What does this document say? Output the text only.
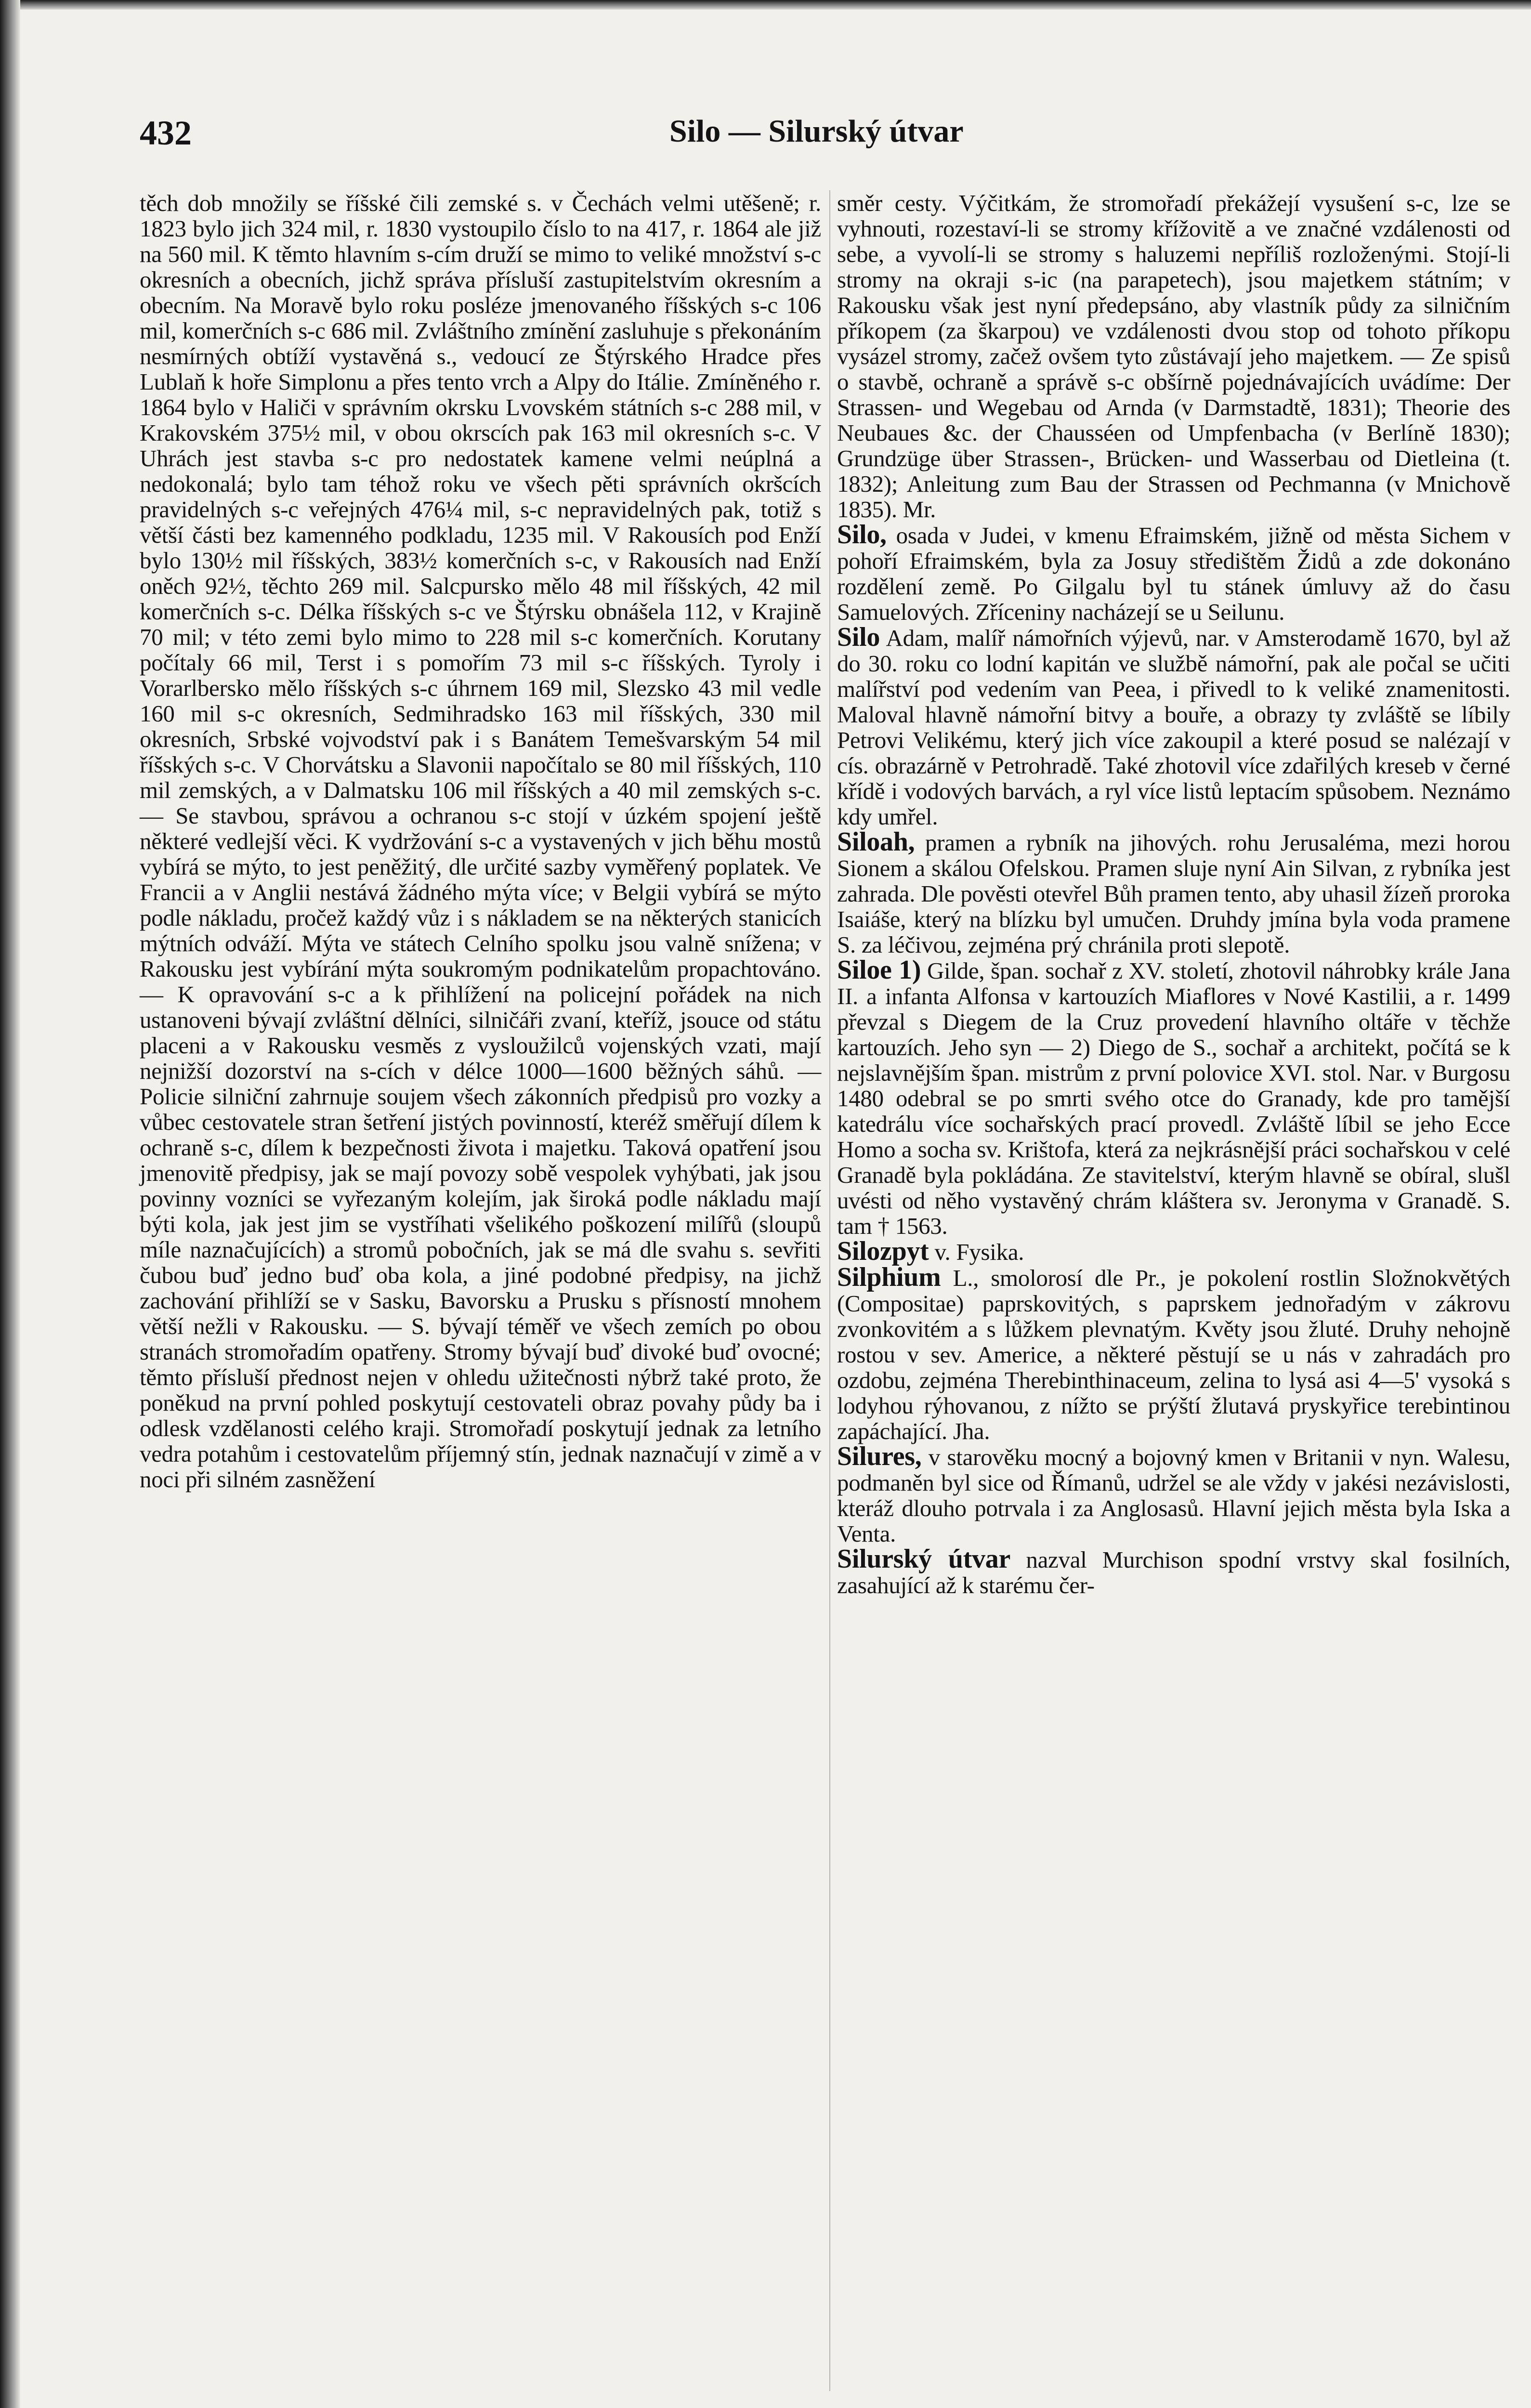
432	Silo — Silurský útvar

těch dob množily se říšské čili zemské s. v Čechách velmi utěšeně; r. 1823 bylo jich 324 mil, r. 1830 vystoupilo číslo to na 417, r. 1864 ale již na 560 mil. K těmto hlavním s-cím druží se mimo to veliké množství s-c okresních a obecních, jichž správa přísluší zastupitelstvím okresním a obecním. Na Moravě bylo roku posléze jmenovaného říšských s-c 106 mil, komerčních s-c 686 mil. Zvláštního zmínění zasluhuje s překonáním nesmírných obtíží vystavěná s., vedoucí ze Štýrského Hradce přes Lublaň k hoře Simplonu a přes tento vrch a Alpy do Itálie. Zmíněného r. 1864 bylo v Haliči v správním okrsku Lvovském státních s-c 288 mil, v Krakovském 375½ mil, v obou okrscích pak 163 mil okresních s-c. V Uhrách jest stavba s-c pro nedostatek kamene velmi neúplná a nedokonalá; bylo tam téhož roku ve všech pěti správních okršcích pravidelných s-c veřejných 476¼ mil, s-c nepravidelných pak, totiž s větší části bez kamenného podkladu, 1235 mil. V Rakousích pod Enží bylo 130½ mil říšských, 383½ komerčních s-c, v Rakousích nad Enží oněch 92½, těchto 269 mil. Salcpursko mělo 48 mil říšských, 42 mil komerčních s-c. Délka říšských s-c ve Štýrsku obnášela 112, v Krajině 70 mil; v této zemi bylo mimo to 228 mil s-c komerčních. Korutany počítaly 66 mil, Terst i s pomořím 73 mil s-c říšských. Tyroly i Vorarlbersko mělo říšských s-c úhrnem 169 mil, Slezsko 43 mil vedle 160 mil s-c okresních, Sedmihradsko 163 mil říšských, 330 mil okresních, Srbské vojvodství pak i s Banátem Temešvarským 54 mil říšských s-c. V Chorvátsku a Slavonii napočítalo se 80 mil říšských, 110 mil zemských, a v Dalmatsku 106 mil říšských a 40 mil zemských s-c. — Se stavbou, správou a ochranou s-c stojí v úzkém spojení ještě některé vedlejší věci. K vydržování s-c a vystavených v jich běhu mostů vybírá se mýto, to jest peněžitý, dle určité sazby vyměřený poplatek. Ve Francii a v Anglii nestává žádného mýta více; v Belgii vybírá se mýto podle nákladu, pročež každý vůz i s nákladem se na některých stanicích mýtních odváží. Mýta ve státech Celního spolku jsou valně snížena; v Rakousku jest vybírání mýta soukromým podnikatelům propachtováno. — K opravování s-c a k přihlížení na policejní pořádek na nich ustanoveni bývají zvláštní dělníci, silničáři zvaní, kteříž, jsouce od státu placeni a v Rakousku vesměs z vysloužilců vojenských vzati, mají nejnižší dozorství na s-cích v délce 1000—1600 běžných sáhů. — Policie silniční zahrnuje soujem všech zákonních předpisů pro vozky a vůbec cestovatele stran šetření jistých povinností, kteréž směřují dílem k ochraně s-c, dílem k bezpečnosti života i majetku. Taková opatření jsou jmenovitě předpisy, jak se mají povozy sobě vespolek vyhýbati, jak jsou povinny vozníci se vyřezaným kolejím, jak široká podle nákladu mají býti kola, jak jest jim se vystříhati všelikého poškození milířů (sloupů míle naznačujících) a stromů pobočních, jak se má dle svahu s. sevřiti čubou buď jedno buď oba kola, a jiné podobné předpisy, na jichž zachování přihlíží se v Sasku, Bavorsku a Prusku s přísností mnohem větší nežli v Rakousku. — S. bývají téměř ve všech zemích po obou stranách stromořadím opatřeny. Stromy bývají buď divoké buď ovocné; těmto přísluší přednost nejen v ohledu užitečnosti nýbrž také proto, že poněkud na první pohled poskytují cestovateli obraz povahy půdy ba i odlesk vzdělanosti celého kraji. Stromořadí poskytují jednak za letního vedra potahům i cestovatelům příjemný stín, jednak naznačují v zimě a v noci při silném zasněžení

směr cesty. Výčitkám, že stromořadí překážejí vysušení s-c, lze se vyhnouti, rozestaví-li se stromy křížovitě a ve značné vzdálenosti od sebe, a vyvolí-li se stromy s haluzemi nepříliš rozloženými. Stojí-li stromy na okraji s-ic (na parapetech), jsou majetkem státním; v Rakousku však jest nyní předepsáno, aby vlastník půdy za silničním příkopem (za škarpou) ve vzdálenosti dvou stop od tohoto příkopu vysázel stromy, začež ovšem tyto zůstávají jeho majetkem. — Ze spisů o stavbě, ochraně a správě s-c obšírně pojednávajících uvádíme: Der Strassen- und Wegebau od Arnda (v Darmstadtě, 1831); Theorie des Neubaues &c. der Chausséen od Umpfenbacha (v Berlíně 1830); Grundzüge über Strassen-, Brücken- und Wasserbau od Dietleina (t. 1832); Anleitung zum Bau der Strassen od Pechmanna (v Mnichově 1835). Mr.

Silo, osada v Judei, v kmenu Efraimském, jižně od města Sichem v pohoří Efraimském, byla za Josuy středištěm Židů a zde dokonáno rozdělení země. Po Gilgalu byl tu stánek úmluvy až do času Samuelových. Zříceniny nacházejí se u Seilunu.

Silo Adam, malíř námořních výjevů, nar. v Amsterodamě 1670, byl až do 30. roku co lodní kapitán ve službě námořní, pak ale počal se učiti malířství pod vedením van Peea, i přivedl to k veliké znamenitosti. Maloval hlavně námořní bitvy a bouře, a obrazy ty zvláště se líbily Petrovi Velikému, který jich více zakoupil a které posud se nalézají v cís. obrazárně v Petrohradě. Také zhotovil více zdařilých kreseb v černé křídě i vodových barvách, a ryl více listů leptacím spůsobem. Neznámo kdy umřel.

Siloah, pramen a rybník na jihových. rohu Jerusaléma, mezi horou Sionem a skálou Ofelskou. Pramen sluje nyní Ain Silvan, z rybníka jest zahrada. Dle pověsti otevřel Bůh pramen tento, aby uhasil žízeň proroka Isaiáše, který na blízku byl umučen. Druhdy jmína byla voda pramene S. za léčivou, zejména prý chránila proti slepotě.

Siloe 1) Gilde, špan. sochař z XV. století, zhotovil náhrobky krále Jana II. a infanta Alfonsa v kartouzích Miaflores v Nové Kastilii, a r. 1499 převzal s Diegem de la Cruz provedení hlavního oltáře v těchže kartouzích. Jeho syn — 2) Diego de S., sochař a architekt, počítá se k nejslavnějším špan. mistrům z první polovice XVI. stol. Nar. v Burgosu 1480 odebral se po smrti svého otce do Granady, kde pro tamější katedrálu více sochařských prací provedl. Zvláště líbil se jeho Ecce Homo a socha sv. Krištofa, která za nejkrásnější práci sochařskou v celé Granadě byla pokládána. Ze stavitelství, kterým hlavně se obíral, slušl uvésti od něho vystavěný chrám kláštera sv. Jeronyma v Granadě. S. tam † 1563.

Silozpyt v. Fysika.

Silphium L., smolorosí dle Pr., je pokolení rostlin Složnokvětých (Compositae) paprskovitých, s paprskem jednořadým v zákrovu zvonkovitém a s lůžkem plevnatým. Květy jsou žluté. Druhy nehojně rostou v sev. Americe, a některé pěstují se u nás v zahradách pro ozdobu, zejména Therebinthinaceum, zelina to lysá asi 4—5' vysoká s lodyhou rýhovanou, z nížto se prýští žlutavá pryskyřice terebintinou zapáchající. Jha.

Silures, v starověku mocný a bojovný kmen v Britanii v nyn. Walesu, podmaněn byl sice od Římanů, udržel se ale vždy v jakési nezávislosti, kteráž dlouho potrvala i za Anglosasů. Hlavní jejich města byla Iska a Venta.

Silurský útvar nazval Murchison spodní vrstvy skal fosilních, zasahující až k starému čer-
